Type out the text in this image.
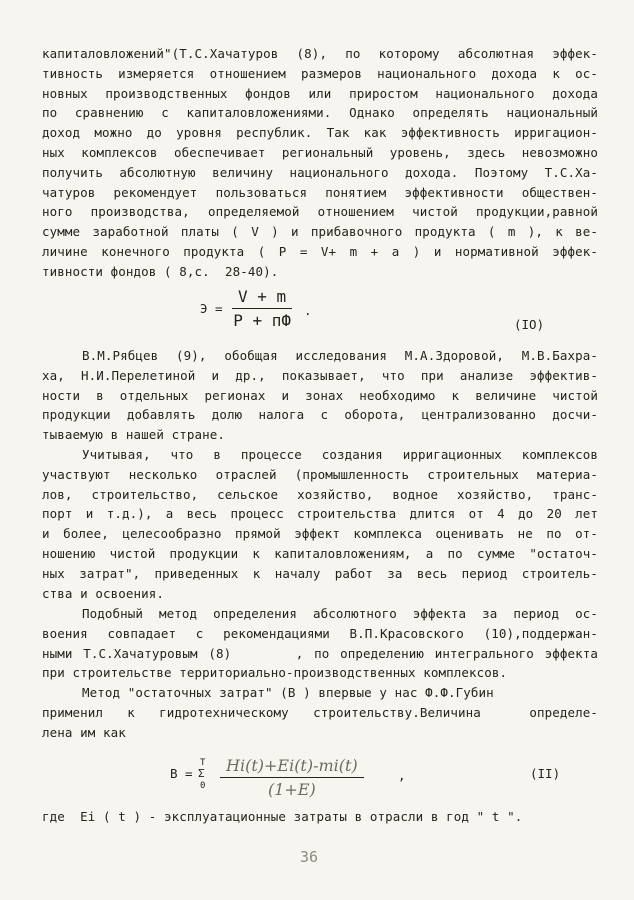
капиталовложений"(Т.С.Хачатуров (8), по которому абсолютная эффек-
тивность измеряется отношением размеров национального дохода к ос-
новных производственных фондов или приростом национального дохода
по сравнению с капиталовложениями. Однако определять национальный
доход можно до уровня республик. Так как эффективность ирригацион-
ных комплексов обеспечивает региональный уровень, здесь невозможно
получить абсолютную величину национального дохода. Поэтому Т.С.Ха-
чатуров рекомендует пользоваться понятием эффективности обществен-
ного производства, определяемой отношением чистой продукции,равной
сумме заработной платы ( V ) и прибавочного продукта ( m ), к ве-
личине конечного продукта ( P = V+ m + a ) и нормативной эффек-
тивности фондов ( 8,с.  28-40).
В.М.Рябцев (9), обобщая исследования М.А.Здоровой, М.В.Бахра-
ха, Н.И.Перелетиной и др., показывает, что при анализе эффектив-
ности в отдельных регионах и зонах необходимо к величине чистой
продукции добавлять долю налога с оборота, централизованно досчи-
тываемую в нашей стране.
Учитывая, что в процессе создания ирригационных комплексов
участвуют несколько отраслей (промышленность строительных материа-
лов, строительство, сельское хозяйство, водное хозяйство, транс-
порт и т.д.), а весь процесс строительства длится от 4 до 20 лет
и более, целесообразно прямой эффект комплекса оценивать не по от-
ношению чистой продукции к капиталовложениям, а по сумме "остаточ-
ных затрат", приведенных к началу работ за весь период строитель-
ства и освоения.
Подобный метод определения абсолютного эффекта за период ос-
воения совпадает с рекомендациями В.П.Красовского (10),поддержан-
ными Т.С.Хачатуровым (8)      , по определению интегрального эффекта
при строительстве территориально-производственных комплексов.
Метод "остаточных затрат" (В ) впервые у нас Ф.Ф.Губин
применил к гидротехническому строительству.Величина  определе-
лена им как
где  Ei ( t ) - эксплуатационные затраты в отрасли в год " t ".
Э =
V + m
P + пФ
.
(IO)
B =
T
Σ
0
Hi(t)+Ei(t)-mi(t)
(1+E)
,	(II)
36
